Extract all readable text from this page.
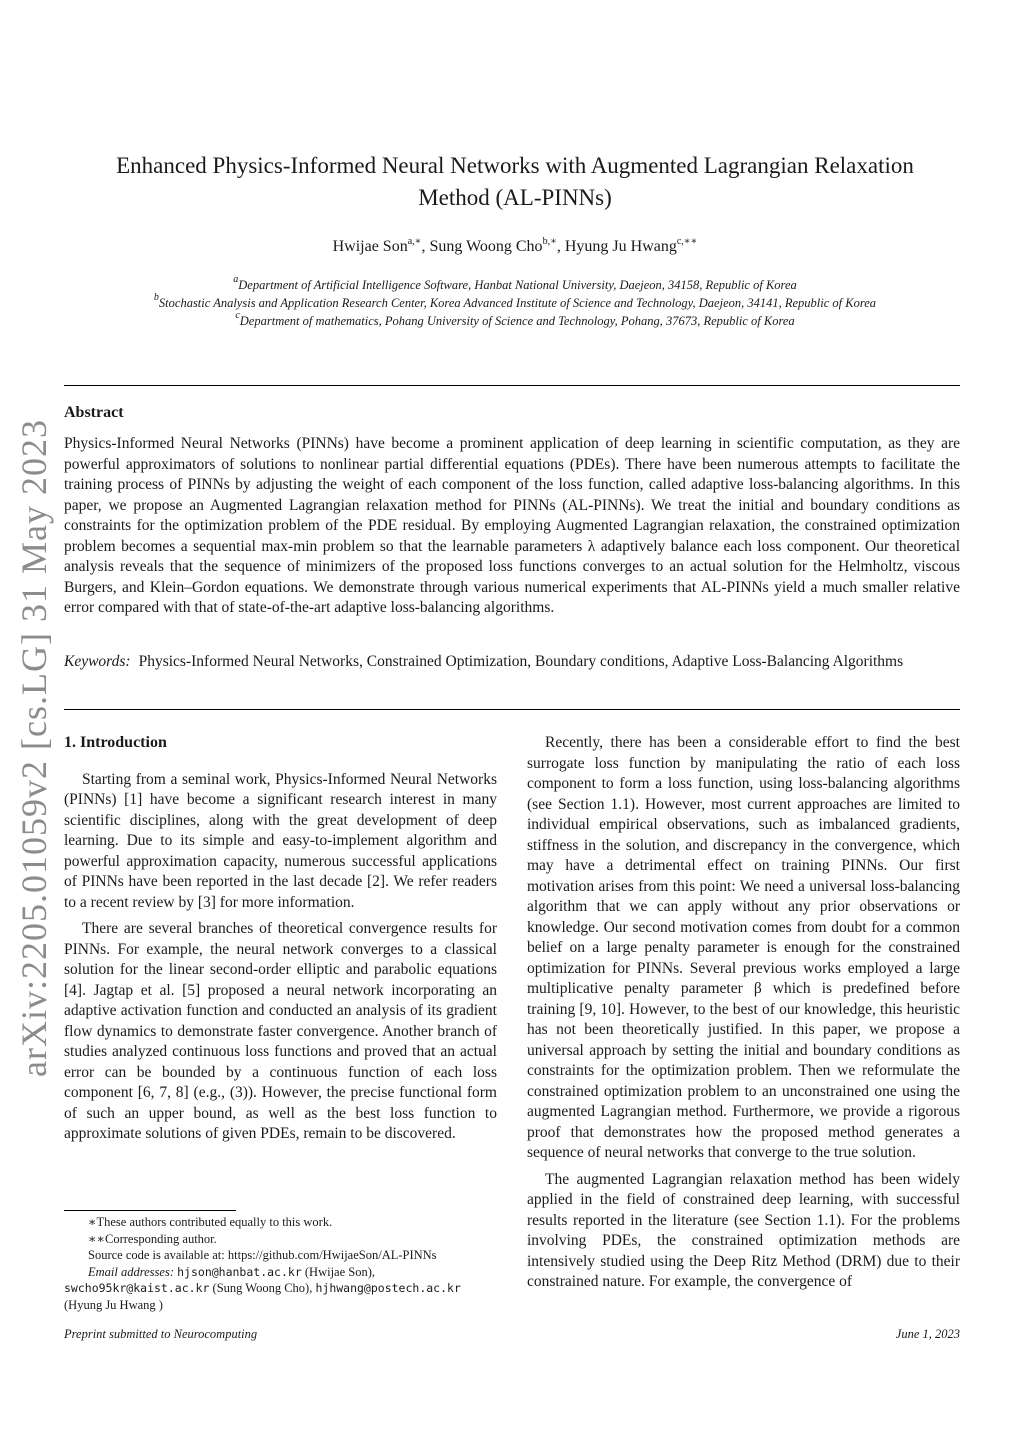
arXiv:2205.01059v2 [cs.LG] 31 May 2023
Enhanced Physics-Informed Neural Networks with Augmented Lagrangian Relaxation
Method (AL-PINNs)
Hwijae Son$^{a,∗}$, Sung Woong Cho$^{b,∗}$, Hyung Ju Hwang$^{c,∗∗}$
$^a$Department of Artificial Intelligence Software, Hanbat National University, Daejeon, 34158, Republic of Korea
$^b$Stochastic Analysis and Application Research Center, Korea Advanced Institute of Science and Technology, Daejeon, 34141, Republic of Korea
$^c$Department of mathematics, Pohang University of Science and Technology, Pohang, 37673, Republic of Korea
Abstract

Physics-Informed Neural Networks (PINNs) have become a prominent application of deep learning in scientific computation, as they are powerful approximators of solutions to nonlinear partial differential equations (PDEs). There have been numerous attempts to facilitate the training process of PINNs by adjusting the weight of each component of the loss function, called adaptive loss-balancing algorithms. In this paper, we propose an Augmented Lagrangian relaxation method for PINNs (AL-PINNs). We treat the initial and boundary conditions as constraints for the optimization problem of the PDE residual. By employing Augmented Lagrangian relaxation, the constrained optimization problem becomes a sequential max-min problem so that the learnable parameters λ adaptively balance each loss component. Our theoretical analysis reveals that the sequence of minimizers of the proposed loss functions converges to an actual solution for the Helmholtz, viscous Burgers, and Klein–Gordon equations. We demonstrate through various numerical experiments that AL-PINNs yield a much smaller relative error compared with that of state-of-the-art adaptive loss-balancing algorithms.

Keywords: Physics-Informed Neural Networks, Constrained Optimization, Boundary conditions, Adaptive Loss-Balancing Algorithms

1. Introduction

Starting from a seminal work, Physics-Informed Neural Networks (PINNs) [1] have become a significant research interest in many scientific disciplines, along with the great development of deep learning. Due to its simple and easy-to-implement algorithm and powerful approximation capacity, numerous successful applications of PINNs have been reported in the last decade [2]. We refer readers to a recent review by [3] for more information.

There are several branches of theoretical convergence results for PINNs. For example, the neural network converges to a classical solution for the linear second-order elliptic and parabolic equations [4]. Jagtap et al. [5] proposed a neural network incorporating an adaptive activation function and conducted an analysis of its gradient flow dynamics to demonstrate faster convergence. Another branch of studies analyzed continuous loss functions and proved that an actual error can be bounded by a continuous function of each loss component [6, 7, 8] (e.g., (3)). However, the precise functional form of such an upper bound, as well as the best loss function to approximate solutions of given PDEs, remain to be discovered.

Recently, there has been a considerable effort to find the best surrogate loss function by manipulating the ratio of each loss component to form a loss function, using loss-balancing algorithms (see Section 1.1). However, most current approaches are limited to individual empirical observations, such as imbalanced gradients, stiffness in the solution, and discrepancy in the convergence, which may have a detrimental effect on training PINNs. Our first motivation arises from this point: We need a universal loss-balancing algorithm that we can apply without any prior observations or knowledge. Our second motivation comes from doubt for a common belief on a large penalty parameter is enough for the constrained optimization for PINNs. Several previous works employed a large multiplicative penalty parameter β which is predefined before training [9, 10]. However, to the best of our knowledge, this heuristic has not been theoretically justified. In this paper, we propose a universal approach by setting the initial and boundary conditions as constraints for the optimization problem. Then we reformulate the constrained optimization problem to an unconstrained one using the augmented Lagrangian method. Furthermore, we provide a rigorous proof that demonstrates how the proposed method generates a sequence of neural networks that converge to the true solution.

The augmented Lagrangian relaxation method has been widely applied in the field of constrained deep learning, with successful results reported in the literature (see Section 1.1). For the problems involving PDEs, the constrained optimization methods are intensively studied using the Deep Ritz Method (DRM) due to their constrained nature. For example, the convergence of

∗These authors contributed equally to this work.
∗∗Corresponding author.
Source code is available at: https://github.com/HwijaeSon/AL-PINNs
Email addresses: hjson@hanbat.ac.kr (Hwijae Son),
swcho95kr@kaist.ac.kr (Sung Woong Cho), hjhwang@postech.ac.kr
(Hyung Ju Hwang )
Preprint submitted to Neurocomputing	June 1, 2023
